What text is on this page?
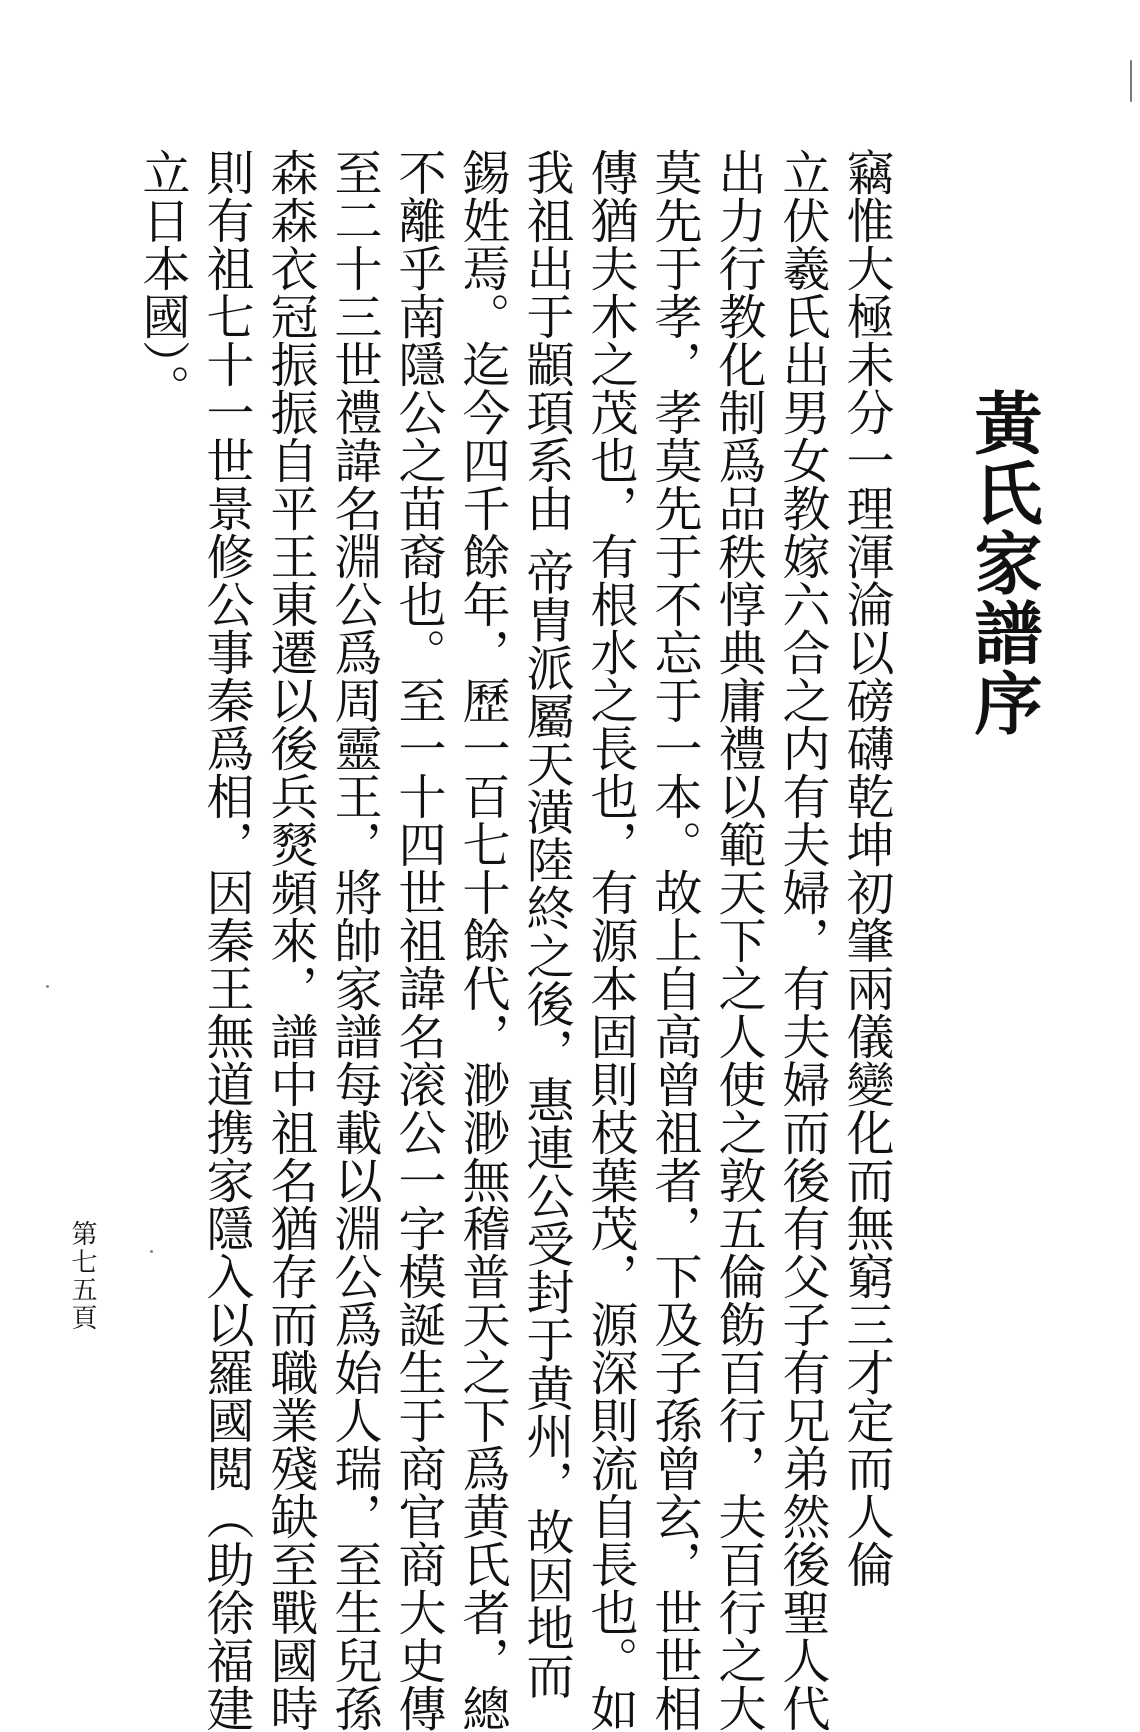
黃氏家譜序
竊惟大極未分一理渾淪以磅礴乾坤初肇兩儀變化而無窮三才定而人倫
立伏羲氏出男女教嫁六合之内有夫婦，有夫婦而後有父子有兄弟然後聖人代
出力行教化制爲品秩惇典庸禮以範天下之人使之敦五倫飭百行，夫百行之大
莫先于孝，孝莫先于不忘于一本。故上自高曾祖者，下及子孫曾玄，世世相
傳猶夫木之茂也，有根水之長也，有源本固則枝葉茂，源深則流自長也。如
我祖出于顓頊系由 帝胄派屬天潢陸終之後，惠連公受封于黄州，故因地而
錫姓焉。迄今四千餘年，歷一百七十餘代，渺渺無稽普天之下爲黄氏者，總
不離乎南隱公之苗裔也。至一十四世祖諱名滚公一字模誕生于商官商大史傳
至二十三世禮諱名淵公爲周靈王，將帥家譜每載以淵公爲始人瑞，至生兒孫
森森衣冠振振自平王東遷以後兵燹頻來，譜中祖名猶存而職業殘缺至戰國時
則有祖七十一世景修公事秦爲相，因秦王無道携家隱入以羅國閲（助徐福建
立日本國）。
第七五頁
